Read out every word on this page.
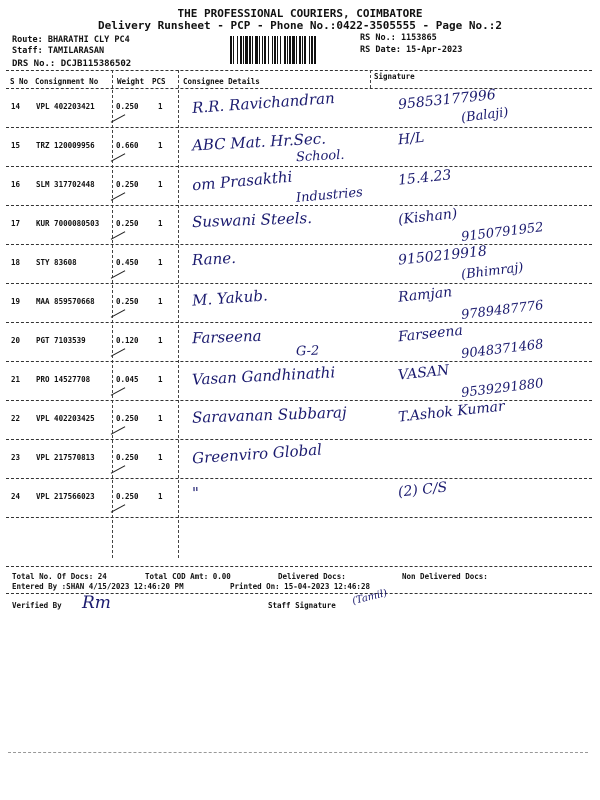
THE PROFESSIONAL COURIERS, COIMBATORE
Delivery Runsheet - PCP - Phone No.:0422-3505555 - Page No.:2
Route: BHARATHI CLY PC4
Staff: TAMILARASAN
DRS No.: DCJB115386502
RS No.: 1153865
RS Date: 15-Apr-2023
S No Consignment No	Weight PCS Consignee Details
Signature
14 VPL 402203421	0.250	1 R.R. Ravichandran	95853177996
(Balaji)
15 TRZ 120009956	0.660	1 ABC Mat. Hr.Sec.
School.
H/L
16 SLM 317702448	0.250	1 om Prasakthi
Industries
15.4.23
17 KUR 7000080503 0.250	1 Suswani Steels.	(Kishan)
9150791952
18 STY 83608	0.450	1 Rane.	9150219918
(Bhimraj)
19 MAA 859570668	0.250	1 M. Yakub.	Ramjan
9789487776
20 PGT 7103539	0.120	1 Farseena
G-2
Farseena
9048371468
21 PRO 14527708	0.045	1 Vasan Gandhinathi	VASAN
9539291880
22 VPL 402203425	0.250	1 Saravanan Subbaraj	T.Ashok Kumar
23 VPL 217570813	0.250	1 Greenviro Global
24 VPL 217566023	0.250	1 "	(2) C/S
Total No. Of Docs: 24	Total COD Amt: 0.00	Delivered Docs:	Non Delivered Docs:
Entered By :SHAN 4/15/2023 12:46:20 PM	Printed On: 15-04-2023 12:46:28
Verified By Rm	Staff Signature (Tamil)
